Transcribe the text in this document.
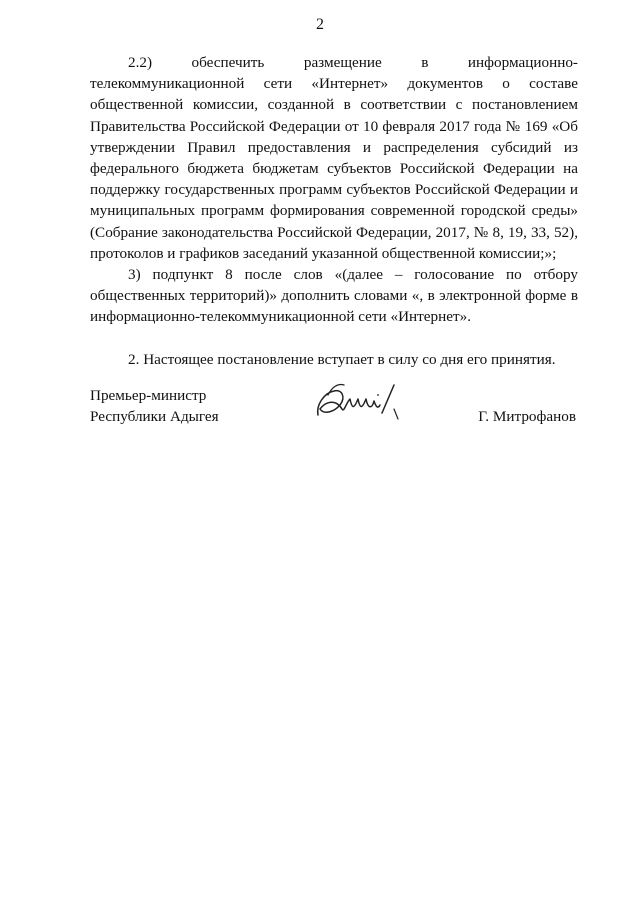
2

2.2) обеспечить размещение в информационно-телекоммуникационной сети «Интернет» документов о составе общественной комиссии, созданной в соответствии с постановлением Правительства Российской Федерации от 10 февраля 2017 года № 169 «Об утверждении Правил предоставления и распределения субсидий из федерального бюджета бюджетам субъектов Российской Федерации на поддержку государственных программ субъектов Российской Федерации и муниципальных программ формирования современной городской среды» (Собрание законодательства Российской Федерации, 2017, № 8, 19, 33, 52), протоколов и графиков заседаний указанной общественной комиссии;»;

3) подпункт 8 после слов «(далее – голосование по отбору общественных территорий)» дополнить словами «, в электронной форме в информационно-телекоммуникационной сети «Интернет».

2. Настоящее постановление вступает в силу со дня его принятия.

Премьер-министр
Республики Адыгея	Г. Митрофанов
